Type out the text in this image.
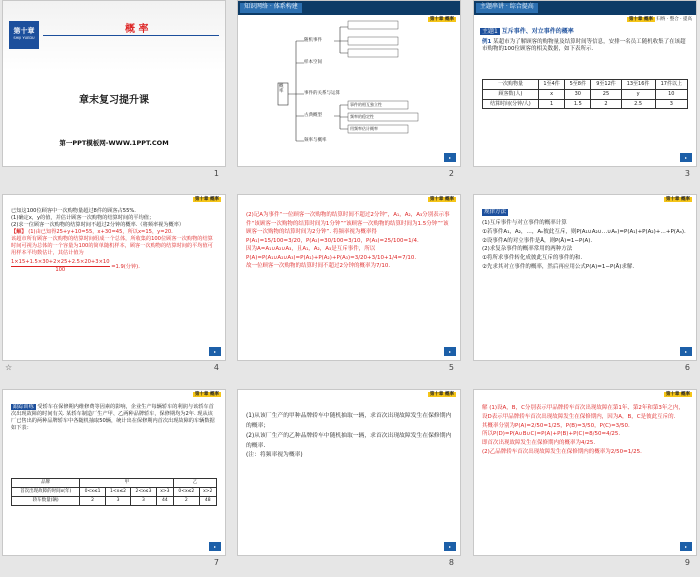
第十章
SHIJI YUEDU
概 率
章末复习提升课
第一PPT模板网-WWW.1PPT.COM
1
知识网络 · 体系构建
第十章 概率
概率
随机事件
样本空间
事件的关系与运算
古典概型
频率与概率
事件的相互独立性
频率的稳定性
用频率估计概率
▸
2
主题串讲 · 综合提高
第十章 概率 归纳 · 整合 · 提高
主题1 互斥事件、对立事件的概率
例1 某超市为了解顾客的购物量及结算时间等信息，安排一名员工随机收集了在该超市购物的100位顾客的相关数据，如下表所示.
一次购物量	1至4件	5至8件	9至12件	13至16件	17件以上
顾客数(人)	x	30	25	y	10
结算时间(分钟/人)	1	1.5	2	2.5	3
▸
3
第十章 概率
已知这100位顾客中一次购物量超过8件的顾客占55%.
(1)确定x，y的值，并估计顾客一次购物的结算时间的平均值；
(2)求一位顾客一次购物的结算时间不超过2分钟的概率.（将频率视为概率）
【解】 (1)由已知得25+y+10=55，x+30=45，所以x=15，y=20.
该超市所有顾客一次购物的结算时间组成一个总体，所收集的100位顾客一次购物的结算时间可视为总体的一个容量为100的简单随机样本，顾客一次购物的结算时间的平均值可用样本平均数估计，其估计值为
$\frac{1\times 15+1.5\times 30+2\times 25+2.5\times 20+3\times 10}{100} =1.9$(分钟).
▸
☆	4
第十章 概率
(2)记A为事件“一位顾客一次购物的结算时间不超过2分钟”，A₁，A₂，A₃分别表示事件“该顾客一次购物的结算时间为1分钟”“该顾客一次购物的结算时间为1.5分钟”“该顾客一次购物的结算时间为2分钟”. 将频率视为概率得
P(A₁)=15/100=3/20，P(A₂)=30/100=3/10，P(A₃)=25/100=1/4.
因为A=A₁∪A₂∪A₃，且A₁，A₂，A₃是互斥事件，所以
P(A)=P(A₁∪A₂∪A₃)=P(A₁)+P(A₂)+P(A₃)=3/20+3/10+1/4=7/10.
故一位顾客一次购物的结算时间不超过2分钟的概率为7/10.
▸
5
第十章 概率
规律方法
(1)互斥事件与对立事件的概率计算
①若事件A₁，A₂，…，Aₙ彼此互斥，则P(A₁∪A₂∪…∪Aₙ)=P(A₁)+P(A₂)+…+P(Aₙ).
②设事件A的对立事件是Ā，则P(Ā)=1−P(A).
(2)求复杂事件的概率常用的两种方法
①将所求事件转化成彼此互斥的事件的和.
②先求其对立事件的概率，然后再应用公式P(A)=1−P(Ā)求解.
▸
6
第十章 概率
跟踪训练 受轿车在保修期内维修费等因素的影响，企业生产每辆轿车的利润与该轿车首次出现故障的时间有关. 某轿车制造厂生产甲、乙两种品牌轿车，保修期均为2年. 现从该厂已售出的两种品牌轿车中各随机抽取50辆，统计出在保修期内首次出现故障的车辆数据如下表：
品牌	甲				乙	
首次出现故障的时间x(年)	0<x≤1	1<x≤2	2<x≤3	x>3	0<x≤2	x>2
轿车数量(辆)	2	3	3	44	2	48
▸
7
第十章 概率
(1)从该厂生产的甲种品牌轿车中随机抽取一辆，求首次出现故障发生在保修期内的概率；
(2)从该厂生产的乙种品牌轿车中随机抽取一辆，求首次出现故障发生在保修期内的概率.
(注：将频率视为概率)
▸
8
第十章 概率
解 (1)设A，B，C分别表示甲品牌轿车首次出现故障在第1年、第2年和第3年之内，设D表示甲品牌轿车首次出现故障发生在保修期内，因为A，B，C是彼此互斥的.
其概率分别为P(A)=2/50=1/25，P(B)=3/50，P(C)=3/50.
所以P(D)=P(A∪B∪C)=P(A)+P(B)+P(C)=8/50=4/25.
即首次出现故障发生在保修期内的概率为4/25.
(2)乙品牌轿车首次出现故障发生在保修期内的概率为2/50=1/25.
▸
9
